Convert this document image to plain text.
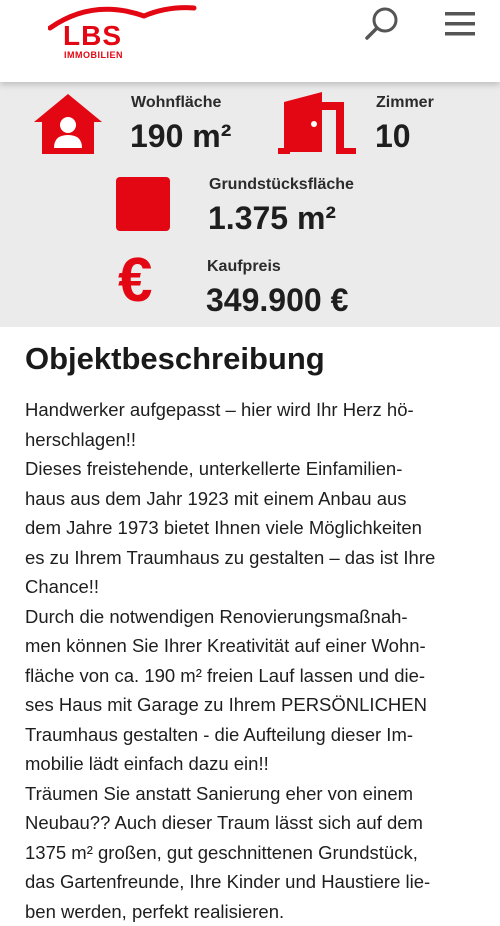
LBS
IMMOBILIEN
Wohnfläche
190 m²
Zimmer
10
Grundstücksfläche
1.375 m²
€	Kaufpreis
349.900 €
Objektbeschreibung

Handwerker aufgepasst – hier wird Ihr Herz hö-

herschlagen!!

Dieses freistehende, unterkellerte Einfamilien-

haus aus dem Jahr 1923 mit einem Anbau aus

dem Jahre 1973 bietet Ihnen viele Möglichkeiten

es zu Ihrem Traumhaus zu gestalten – das ist Ihre

Chance!!

Durch die notwendigen Renovierungsmaßnah-

men können Sie Ihrer Kreativität auf einer Wohn-

fläche von ca. 190 m² freien Lauf lassen und die-

ses Haus mit Garage zu Ihrem PERSÖNLICHEN

Traumhaus gestalten - die Aufteilung dieser Im-

mobilie lädt einfach dazu ein!!

Träumen Sie anstatt Sanierung eher von einem

Neubau?? Auch dieser Traum lässt sich auf dem

1375 m² großen, gut geschnittenen Grundstück,

das Gartenfreunde, Ihre Kinder und Haustiere lie-

ben werden, perfekt realisieren.
